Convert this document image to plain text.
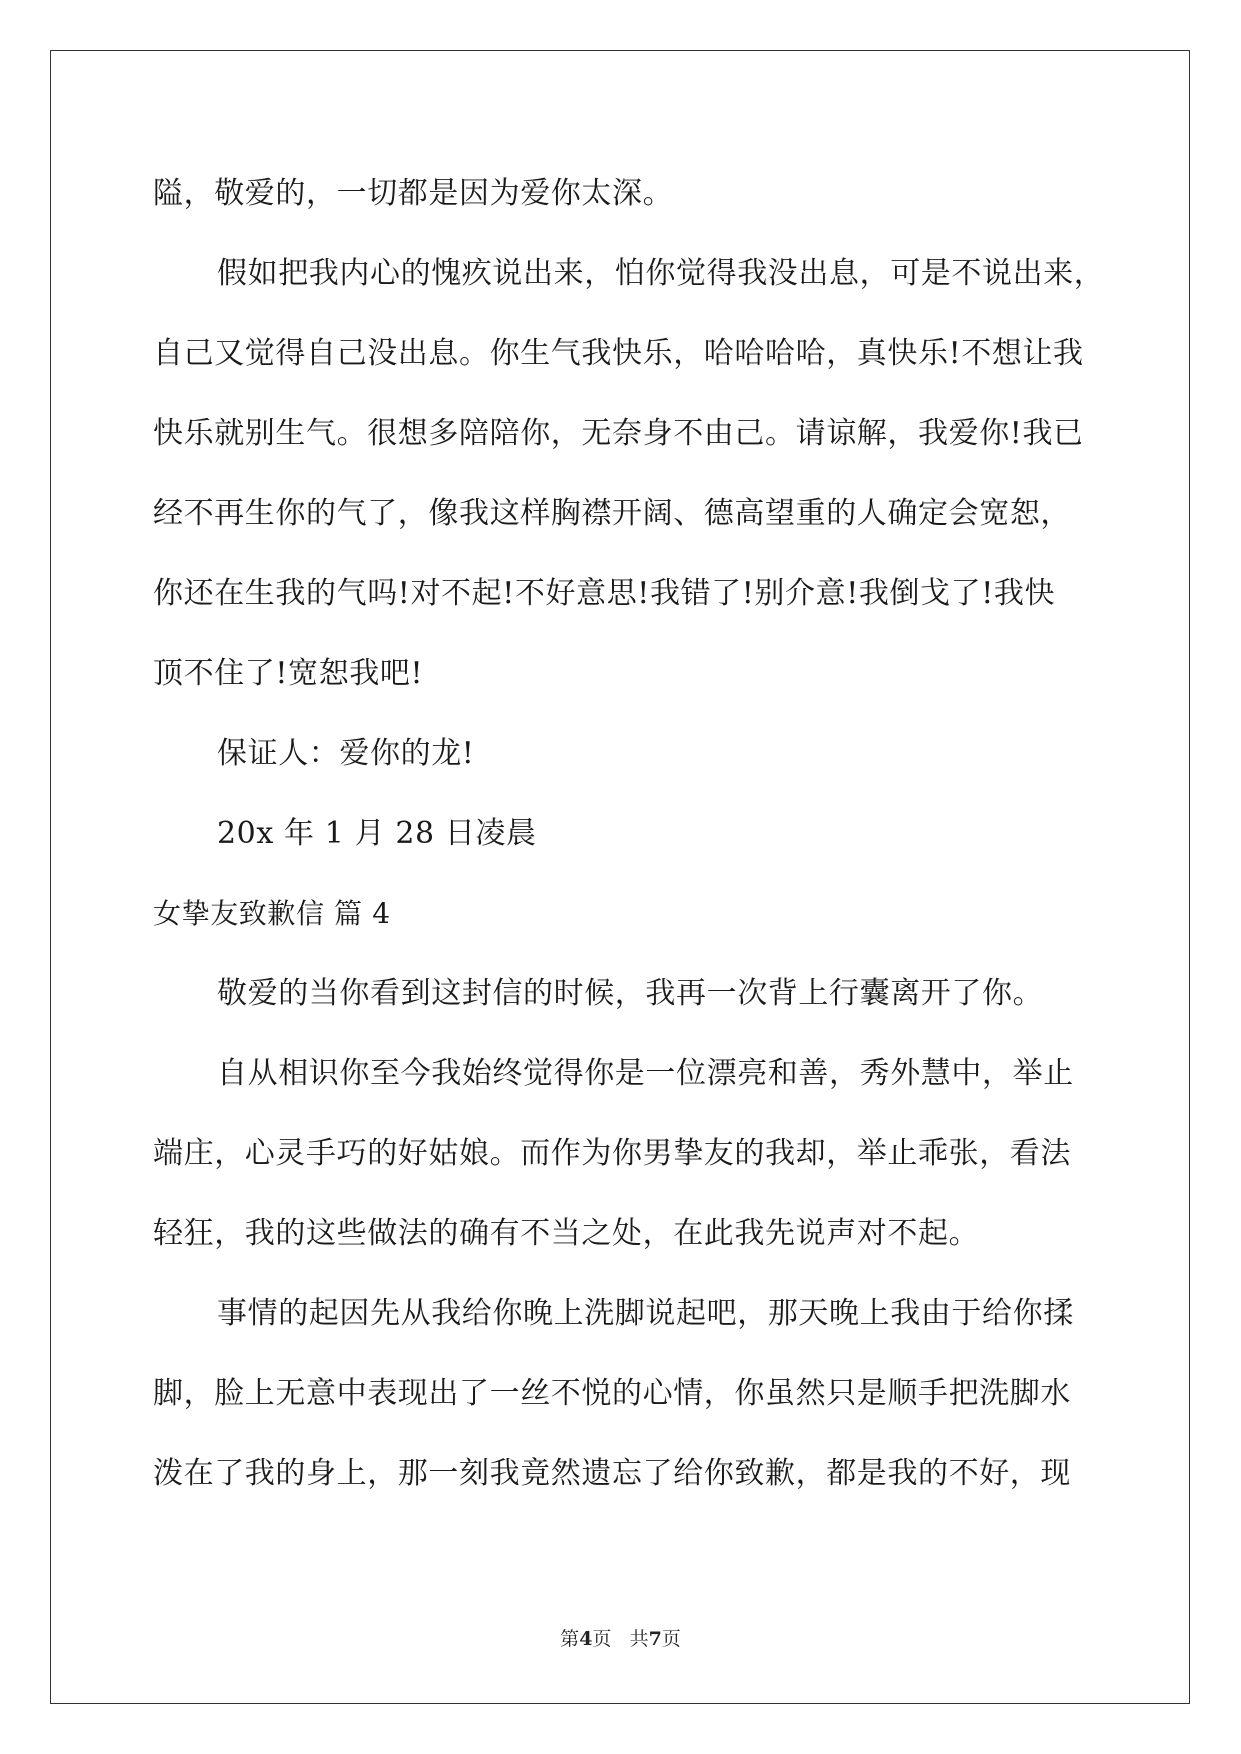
隘，敬爱的，一切都是因为爱你太深。
假如把我内心的愧疚说出来，怕你觉得我没出息，可是不说出来，
自己又觉得自己没出息。你生气我快乐，哈哈哈哈，真快乐!不想让我
快乐就别生气。很想多陪陪你，无奈身不由己。请谅解，我爱你!我已
经不再生你的气了，像我这样胸襟开阔、德高望重的人确定会宽恕，
你还在生我的气吗!对不起!不好意思!我错了!别介意!我倒戈了!我快
顶不住了!宽恕我吧!
保证人：爱你的龙!
20x 年 1 月 28 日凌晨
女挚友致歉信 篇 4
敬爱的当你看到这封信的时候，我再一次背上行囊离开了你。
自从相识你至今我始终觉得你是一位漂亮和善，秀外慧中，举止
端庄，心灵手巧的好姑娘。而作为你男挚友的我却，举止乖张，看法
轻狂，我的这些做法的确有不当之处，在此我先说声对不起。
事情的起因先从我给你晚上洗脚说起吧，那天晚上我由于给你揉
脚，脸上无意中表现出了一丝不悦的心情，你虽然只是顺手把洗脚水
泼在了我的身上，那一刻我竟然遗忘了给你致歉，都是我的不好，现
第4页 共7页
